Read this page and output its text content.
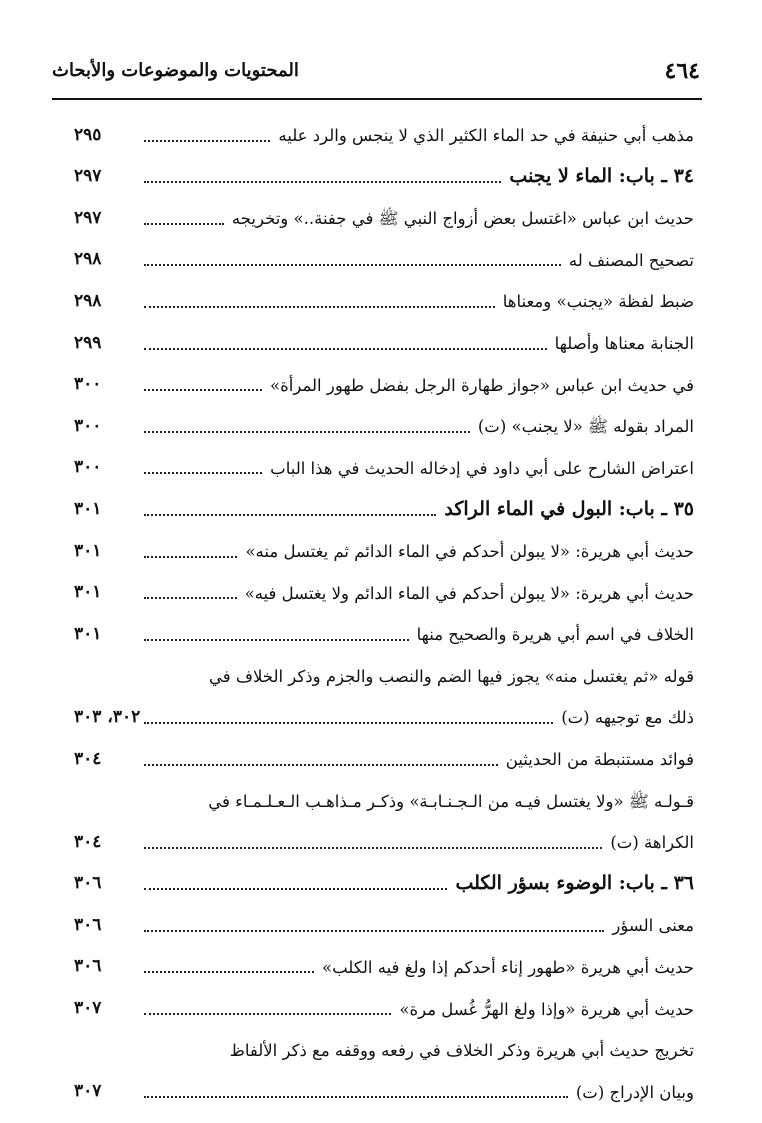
٤٦٤
المحتويات والموضوعات والأبحاث
مذهب أبي حنيفة في حد الماء الكثير الذي لا ينجس والرد عليه
٢٩٥
٣٤ ـ باب: الماء لا يجنب
٢٩٧
حديث ابن عباس «اغتسل بعض أزواج النبي ﷺ في جفنة..» وتخريجه
٢٩٧
تصحيح المصنف له
٢٩٨
ضبط لفظة «يجنب» ومعناها
٢٩٨
الجنابة معناها وأصلها
٢٩٩
في حديث ابن عباس «جواز طهارة الرجل بفضل طهور المرأة»
٣٠٠
المراد بقوله ﷺ «لا يجنب» (ت)
٣٠٠
اعتراض الشارح على أبي داود في إدخاله الحديث في هذا الباب
٣٠٠
٣٥ ـ باب: البول في الماء الراكد
٣٠١
حديث أبي هريرة: «لا يبولن أحدكم في الماء الدائم ثم يغتسل منه»
٣٠١
حديث أبي هريرة: «لا يبولن أحدكم في الماء الدائم ولا يغتسل فيه»
٣٠١
الخلاف في اسم أبي هريرة والصحيح منها
٣٠١
قوله «ثم يغتسل منه» يجوز فيها الضم والنصب والجزم وذكر الخلاف في
ذلك مع توجيهه (ت)
٣٠٢، ٣٠٣
فوائد مستنبطة من الحديثين
٣٠٤
قـولـه ﷺ «ولا يغتسل فيـه من الـجـنـابـة» وذكـر مـذاهـب الـعـلـمـاء في
الكراهة (ت)
٣٠٤
٣٦ ـ باب: الوضوء بسؤر الكلب
٣٠٦
معنى السؤر
٣٠٦
حديث أبي هريرة «طهور إناء أحدكم إذا ولغ فيه الكلب»
٣٠٦
حديث أبي هريرة «وإذا ولغ الهرُّ غُسل مرة»
٣٠٧
تخريج حديث أبي هريرة وذكر الخلاف في رفعه ووقفه مع ذكر الألفاظ
وبيان الإدراج (ت)
٣٠٧
